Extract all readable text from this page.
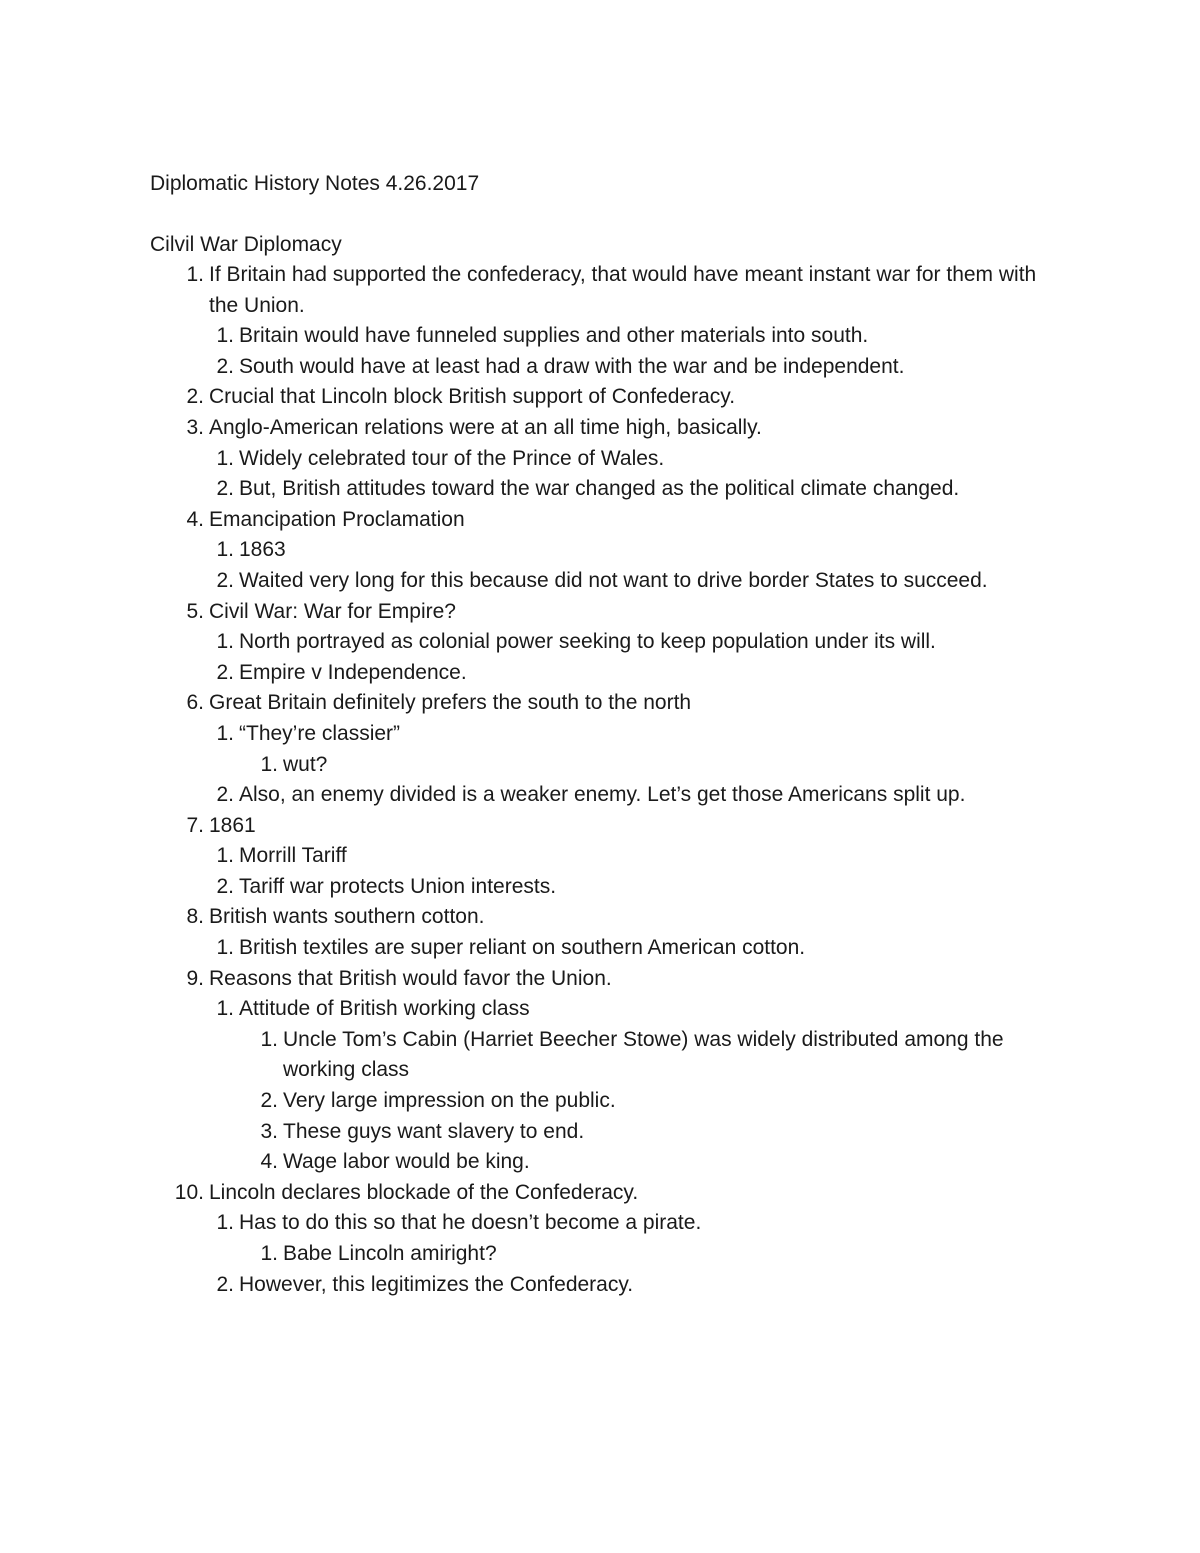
Diplomatic History Notes 4.26.2017
Cilvil War Diplomacy
1. If Britain had supported the confederacy, that would have meant instant war for them with the Union.
1. Britain would have funneled supplies and other materials into south.
2. South would have at least had a draw with the war and be independent.
2. Crucial that Lincoln block British support of Confederacy.
3. Anglo-American relations were at an all time high, basically.
1. Widely celebrated tour of the Prince of Wales.
2. But, British attitudes toward the war changed as the political climate changed.
4. Emancipation Proclamation
1. 1863
2. Waited very long for this because did not want to drive border States to succeed.
5. Civil War: War for Empire?
1. North portrayed as colonial power seeking to keep population under its will.
2. Empire v Independence.
6. Great Britain definitely prefers the south to the north
1. “They’re classier”
1. wut?
2. Also, an enemy divided is a weaker enemy. Let’s get those Americans split up.
7. 1861
1. Morrill Tariff
2. Tariff war protects Union interests.
8. British wants southern cotton.
1. British textiles are super reliant on southern American cotton.
9. Reasons that British would favor the Union.
1. Attitude of British working class
1. Uncle Tom’s Cabin (Harriet Beecher Stowe) was widely distributed among the working class
2. Very large impression on the public.
3. These guys want slavery to end.
4. Wage labor would be king.
10. Lincoln declares blockade of the Confederacy.
1. Has to do this so that he doesn’t become a pirate.
1. Babe Lincoln amiright?
2. However, this legitimizes the Confederacy.
